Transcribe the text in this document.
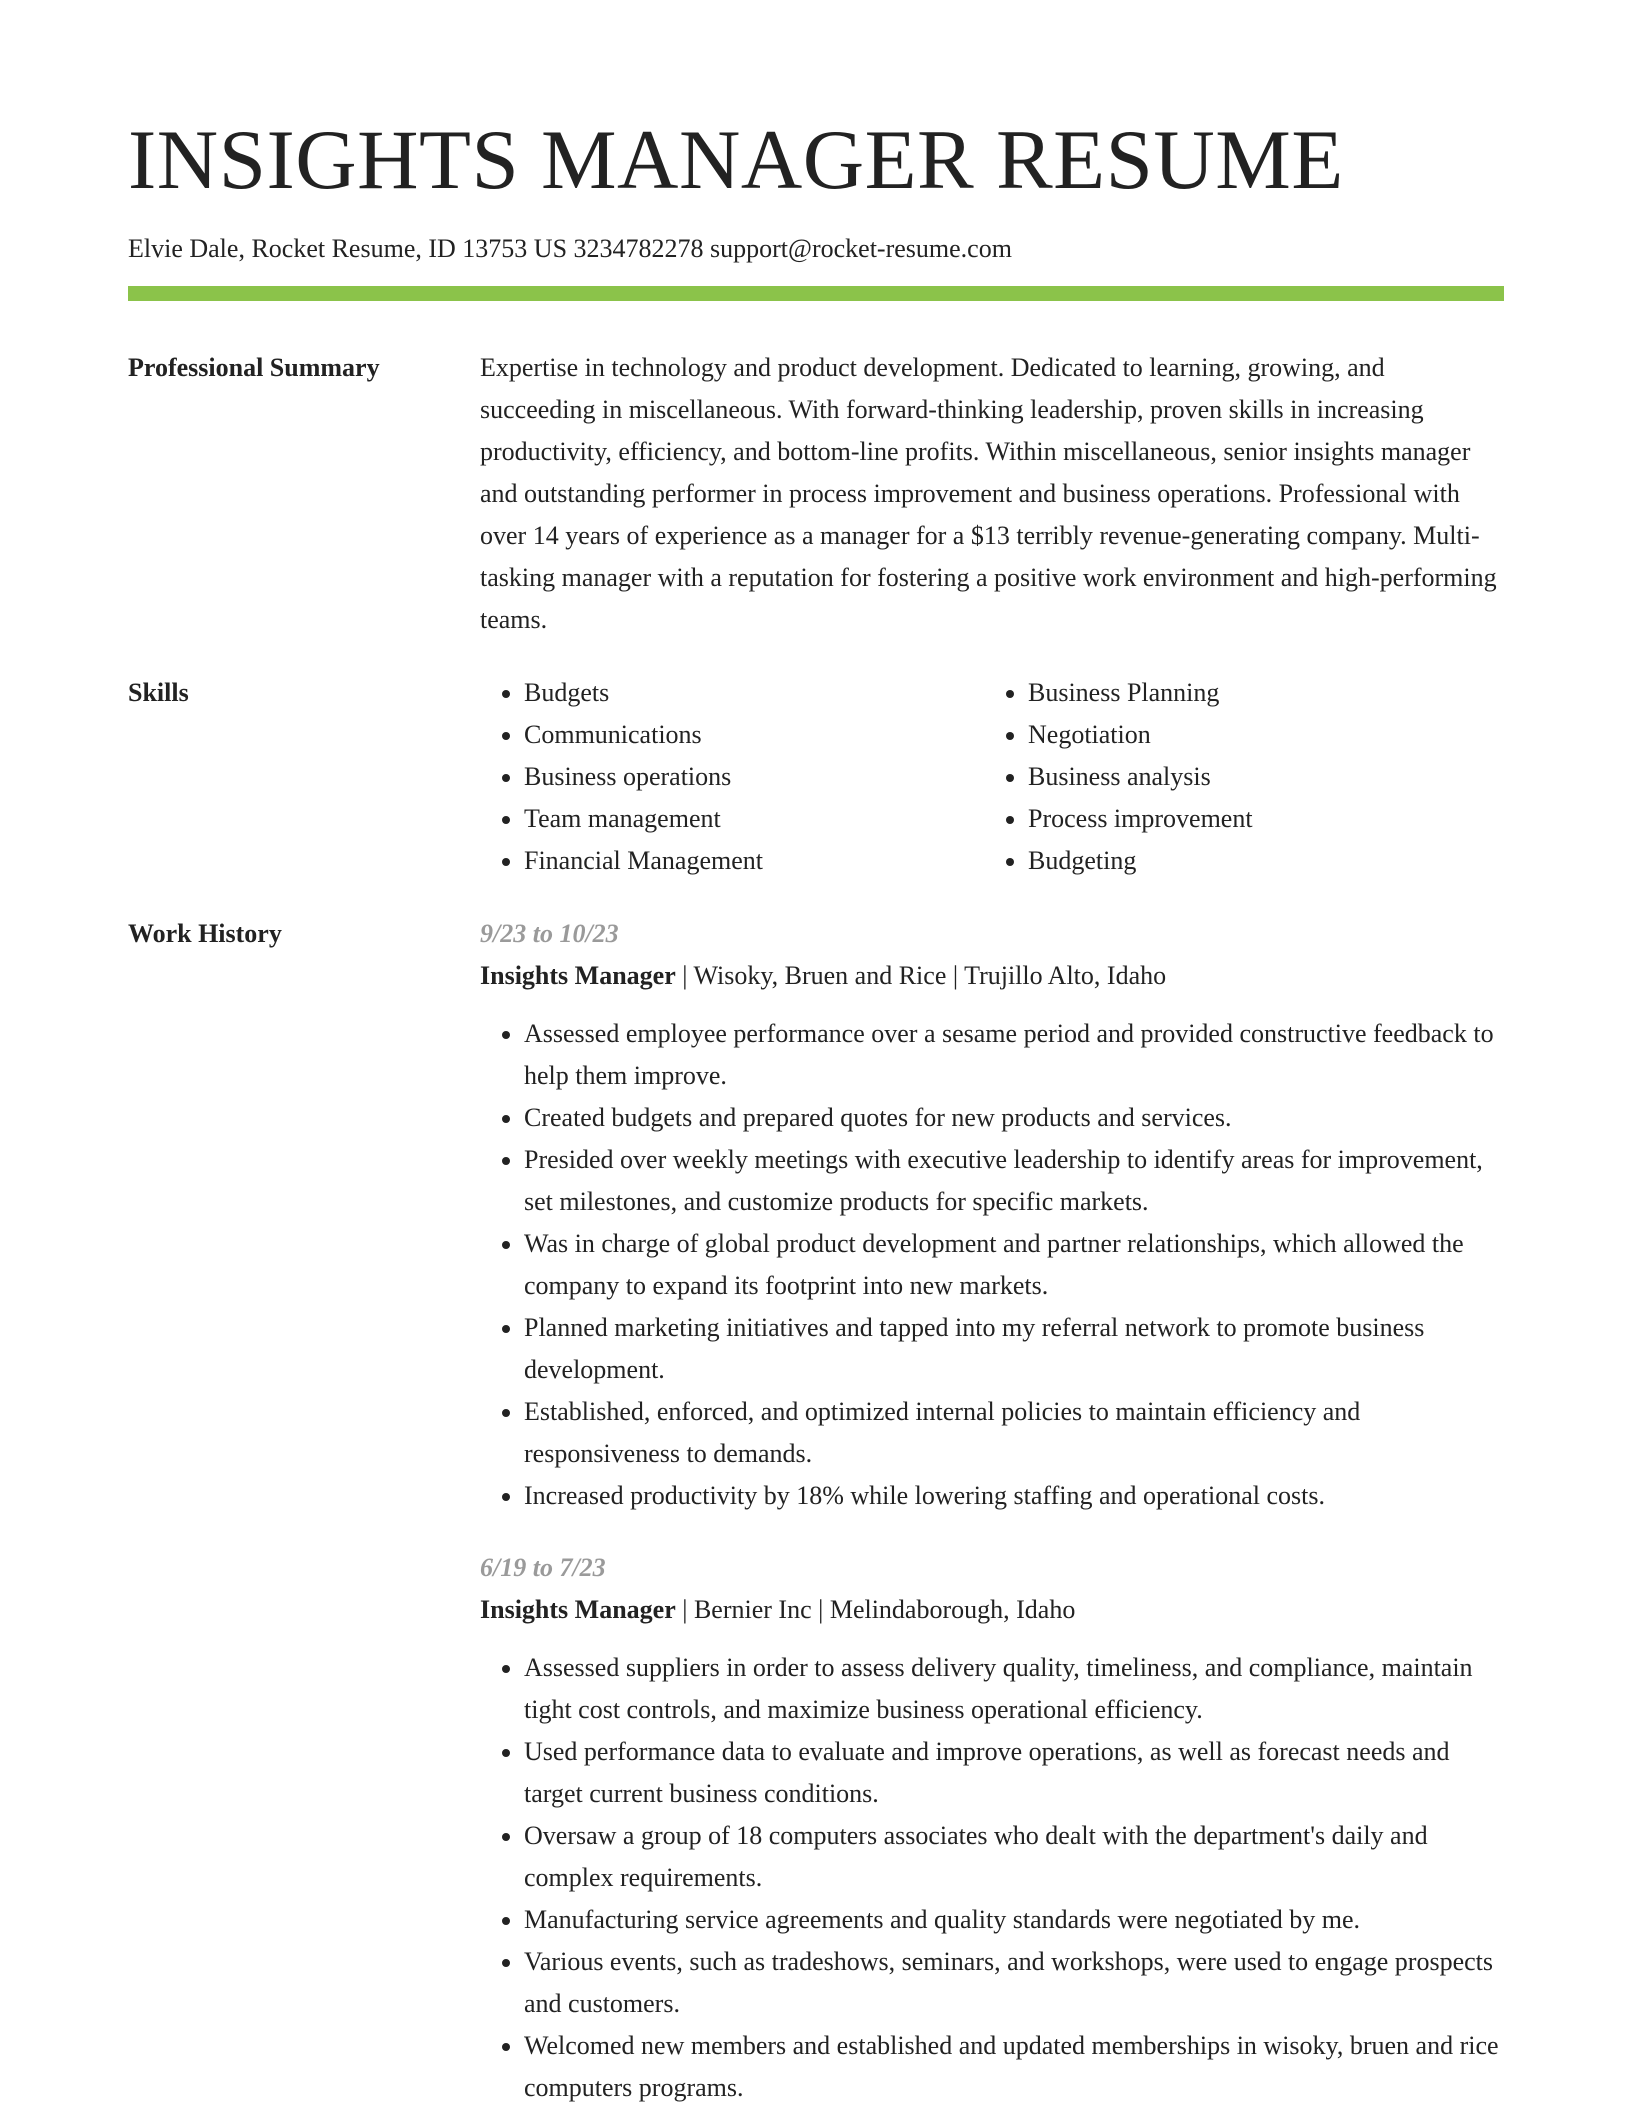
INSIGHTS MANAGER RESUME
Elvie Dale, Rocket Resume, ID 13753 US 3234782278 support@rocket-resume.com
Professional Summary	Expertise in technology and product development. Dedicated to learning, growing, and succeeding in miscellaneous. With forward-thinking leadership, proven skills in increasing productivity, efficiency, and bottom-line profits. Within miscellaneous, senior insights manager and outstanding performer in process improvement and business operations. Professional with over 14 years of experience as a manager for a $13 terribly revenue-generating company. Multi-tasking manager with a reputation for fostering a positive work environment and high-performing teams.

Skills
•	Budgets
• Communications
• Business operations
• Team management
• Financial Management
• Business Planning
• Negotiation
• Business analysis
• Process improvement
• Budgeting
Work History	9/23 to 10/23
Insights Manager | Wisoky, Bruen and Rice | Trujillo Alto, Idaho
• Assessed employee performance over a sesame period and provided constructive feedback to help them improve.
• Created budgets and prepared quotes for new products and services.
• Presided over weekly meetings with executive leadership to identify areas for improvement, set milestones, and customize products for specific markets.
• Was in charge of global product development and partner relationships, which allowed the company to expand its footprint into new markets.
• Planned marketing initiatives and tapped into my referral network to promote business development.
• Established, enforced, and optimized internal policies to maintain efficiency and responsiveness to demands.
• Increased productivity by 18% while lowering staffing and operational costs.
6/19 to 7/23
Insights Manager | Bernier Inc | Melindaborough, Idaho
• Assessed suppliers in order to assess delivery quality, timeliness, and compliance, maintain tight cost controls, and maximize business operational efficiency.
• Used performance data to evaluate and improve operations, as well as forecast needs and target current business conditions.
• Oversaw a group of 18 computers associates who dealt with the department's daily and complex requirements.
• Manufacturing service agreements and quality standards were negotiated by me.
• Various events, such as tradeshows, seminars, and workshops, were used to engage prospects and customers.
• Welcomed new members and established and updated memberships in wisoky, bruen and rice computers programs.
